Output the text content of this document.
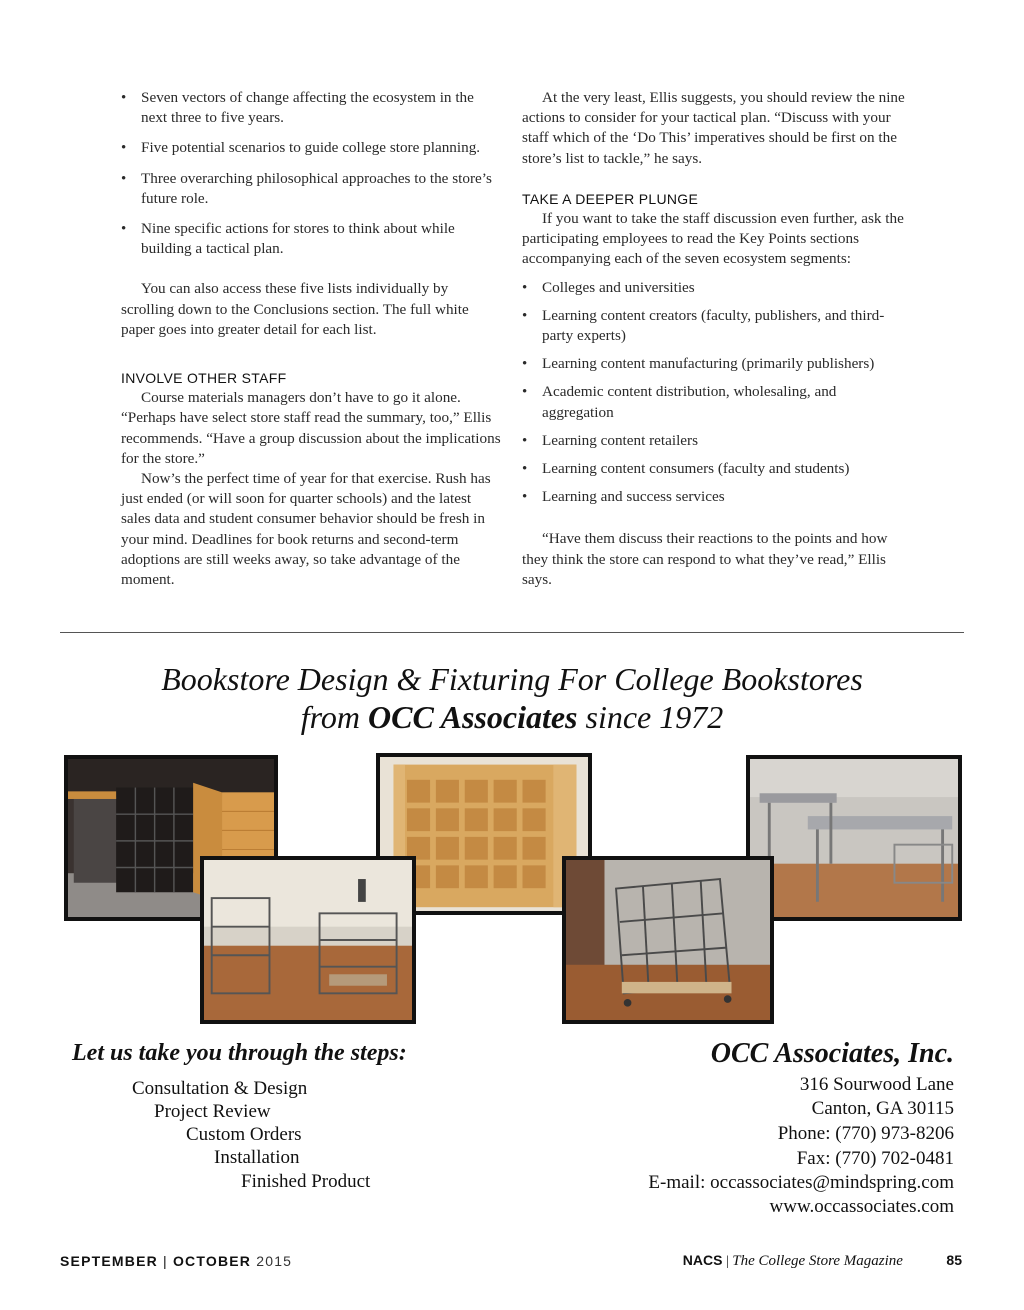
• Seven vectors of change affecting the ecosystem in the next three to five years.
• Five potential scenarios to guide college store planning.
• Three overarching philosophical approaches to the store’s future role.
• Nine specific actions for stores to think about while building a tactical plan.

You can also access these five lists individually by scrolling down to the Conclusions section. The full white paper goes into greater detail for each list.

INVOLVE OTHER STAFF

Course materials managers don’t have to go it alone. “Perhaps have select store staff read the summary, too,” Ellis recommends. “Have a group discussion about the implications for the store.”

Now’s the perfect time of year for that exercise. Rush has just ended (or will soon for quarter schools) and the latest sales data and student consumer behavior should be fresh in your mind. Deadlines for book returns and second-term adoptions are still weeks away, so take advantage of the moment.

At the very least, Ellis suggests, you should review the nine actions to consider for your tactical plan. “Discuss with your staff which of the ‘Do This’ imperatives should be first on the store’s list to tackle,” he says.

TAKE A DEEPER PLUNGE

If you want to take the staff discussion even further, ask the participating employees to read the Key Points sections accompanying each of the seven ecosystem segments:

• Colleges and universities
• Learning content creators (faculty, publishers, and third-party experts)
• Learning content manufacturing (primarily publishers)
• Academic content distribution, wholesaling, and aggregation
• Learning content retailers
• Learning content consumers (faculty and students)
• Learning and success services

“Have them discuss their reactions to the points and how they think the store can respond to what they’ve read,” Ellis says.

Bookstore Design & Fixturing For College Bookstores
from OCC Associates since 1972
Let us take you through the steps:
Consultation & Design
Project Review
Custom Orders
Installation
Finished Product
OCC Associates, Inc.
316 Sourwood Lane
Canton, GA 30115
Phone: (770) 973-8206
Fax: (770) 702-0481
E-mail: occassociates@mindspring.com
www.occassociates.com
SEPTEMBER | OCTOBER 2015	NACS | The College Store Magazine	85
